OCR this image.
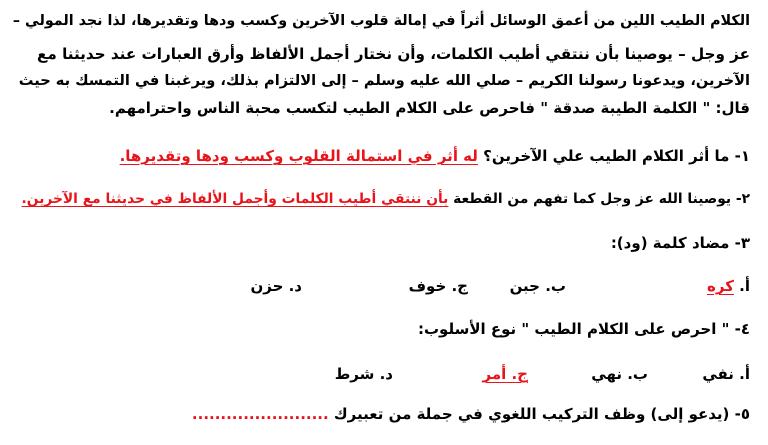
الكلام الطيب اللين من أعمق الوسائل أثراً في إمالة قلوب الآخرين وكسب ودها وتقديرها، لذا نجد المولي –
عز وجل – يوصينا بأن ننتقي أطيب الكلمات، وأن نختار أجمل الألفاظ وأرق العبارات عند حديثنا مع
الآخرين، ويدعونا رسولنا الكريم – صلي الله عليه وسلم – إلى الالتزام بذلك، ويرغبنا في التمسك به حيث
قال: " الكلمة الطيبة صدقة " فاحرص على الكلام الطيب لتكسب محبة الناس واحترامهم.
١- ما أثر الكلام الطيب علي الآخرين؟ له أثر في استمالة القلوب وكسب ودها وتقديرها.
٢- يوصينا الله عز وجل كما تفهم من القطعة بأن ننتقي أطيب الكلمات وأجمل الألفاظ في حديثنا مع الآخرين.
٣- مضاد كلمة (ود):
أ. كره
ب. جبن
ج. خوف
د. حزن
٤- " احرص على الكلام الطيب " نوع الأسلوب:
أ. نفي
ب. نهي
ج. أمر
د. شرط
٥- (يدعو إلى) وظف التركيب اللغوي في جملة من تعبيرك ........................
